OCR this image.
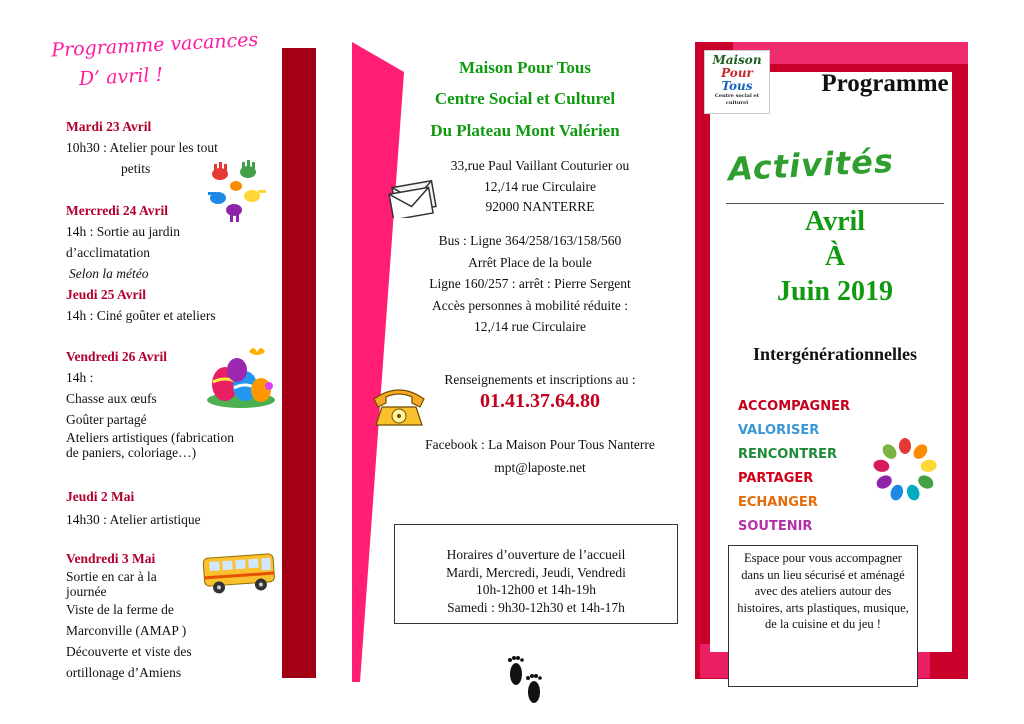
Programme vacances
D’ avril !
Mardi 23 Avril
10h30 : Atelier pour les tout
petits
Mercredi 24 Avril
14h : Sortie au jardin
d’acclimatation
Selon la météo
Jeudi 25 Avril
14h : Ciné goûter et ateliers
Vendredi 26 Avril
14h :
Chasse aux œufs
Goûter partagé
Ateliers artistiques (fabrication
de paniers, coloriage…)
Jeudi 2 Mai
14h30 : Atelier artistique
Vendredi 3 Mai
Sortie en car à la
journée
Viste de la ferme de
Marconville (AMAP )
Découverte et viste des
ortillonage d’Amiens
Maison Pour Tous
Centre Social et Culturel
Du Plateau Mont Valérien
33,rue Paul Vaillant Couturier ou
12,/14 rue Circulaire
92000 NANTERRE
Bus : Ligne 364/258/163/158/560
Arrêt Place de la boule
Ligne 160/257 : arrêt : Pierre Sergent
Accès personnes à mobilité réduite :
12,/14 rue Circulaire
Renseignements et inscriptions au :
01.41.37.64.80
Facebook : La Maison Pour Tous Nanterre
mpt@laposte.net
Horaires d’ouverture de l’accueil
Mardi, Mercredi, Jeudi, Vendredi
10h-12h00 et 14h-19h
Samedi : 9h30-12h30 et 14h-17h
Maison
Pour
Tous
Centre social et culturel
Programme
Activités
Avril
À
Juin 2019
Intergénérationnelles
ACCOMPAGNER
VALORISER
RENCONTRER
PARTAGER
ECHANGER
SOUTENIR
Espace pour vous accompagner dans un lieu sécurisé et aménagé avec des ateliers autour des histoires, arts plastiques, musique, de la cuisine et du jeu !
